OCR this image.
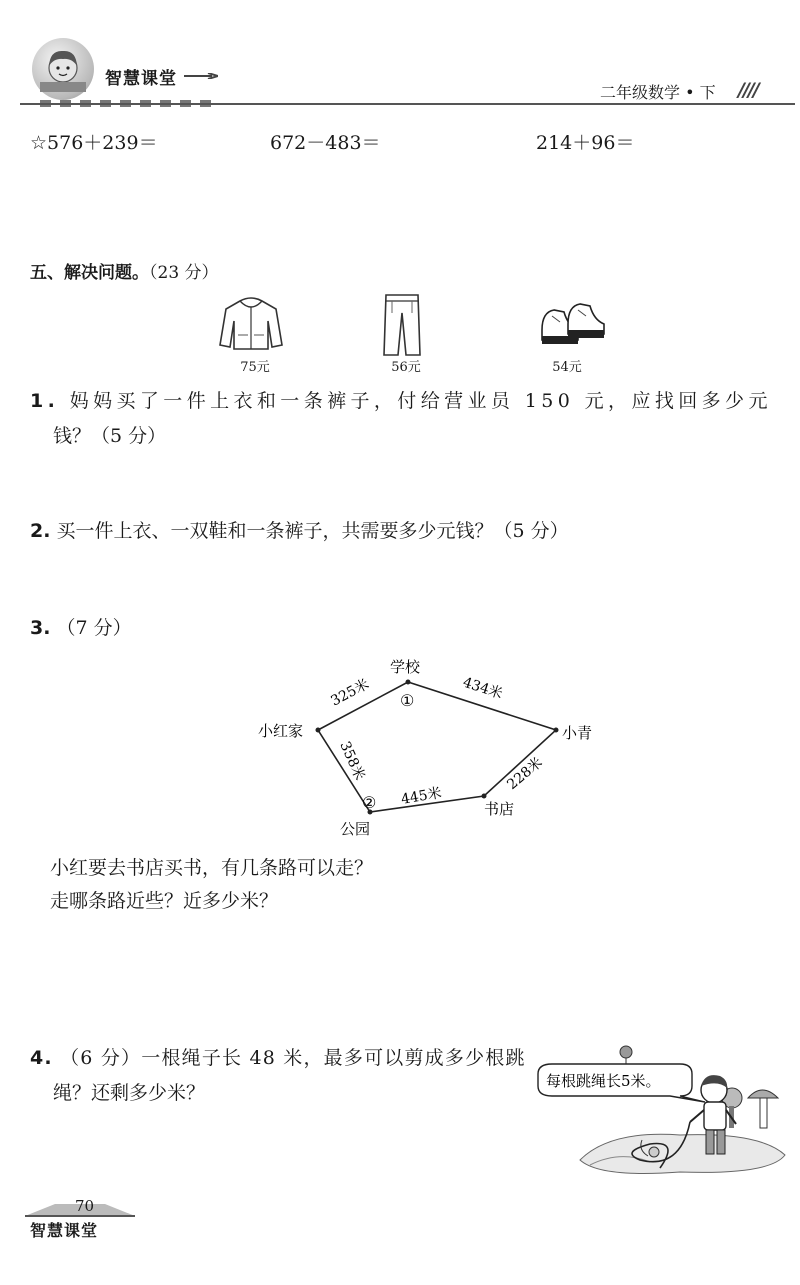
智慧课堂
二年级数学 • 下 ////
☆576＋239＝	672－483＝	214＋96＝
五、解决问题。（23 分）
75元	56元	54元
1. 妈妈买了一件上衣和一条裤子，付给营业员 150 元，应找回多少元
钱？（5 分）
2. 买一件上衣、一双鞋和一条裤子，共需要多少元钱？（5 分）
3. （7 分）
学校
小红家	小青
书店
公园
325米	434米
358米
445米
228米
①
②
小红要去书店买书，有几条路可以走？
走哪条路近些？近多少米？
4. （6 分）一根绳子长 48 米，最多可以剪成多少根跳
绳？还剩多少米？
每根跳绳长5米。
70
智慧课堂
